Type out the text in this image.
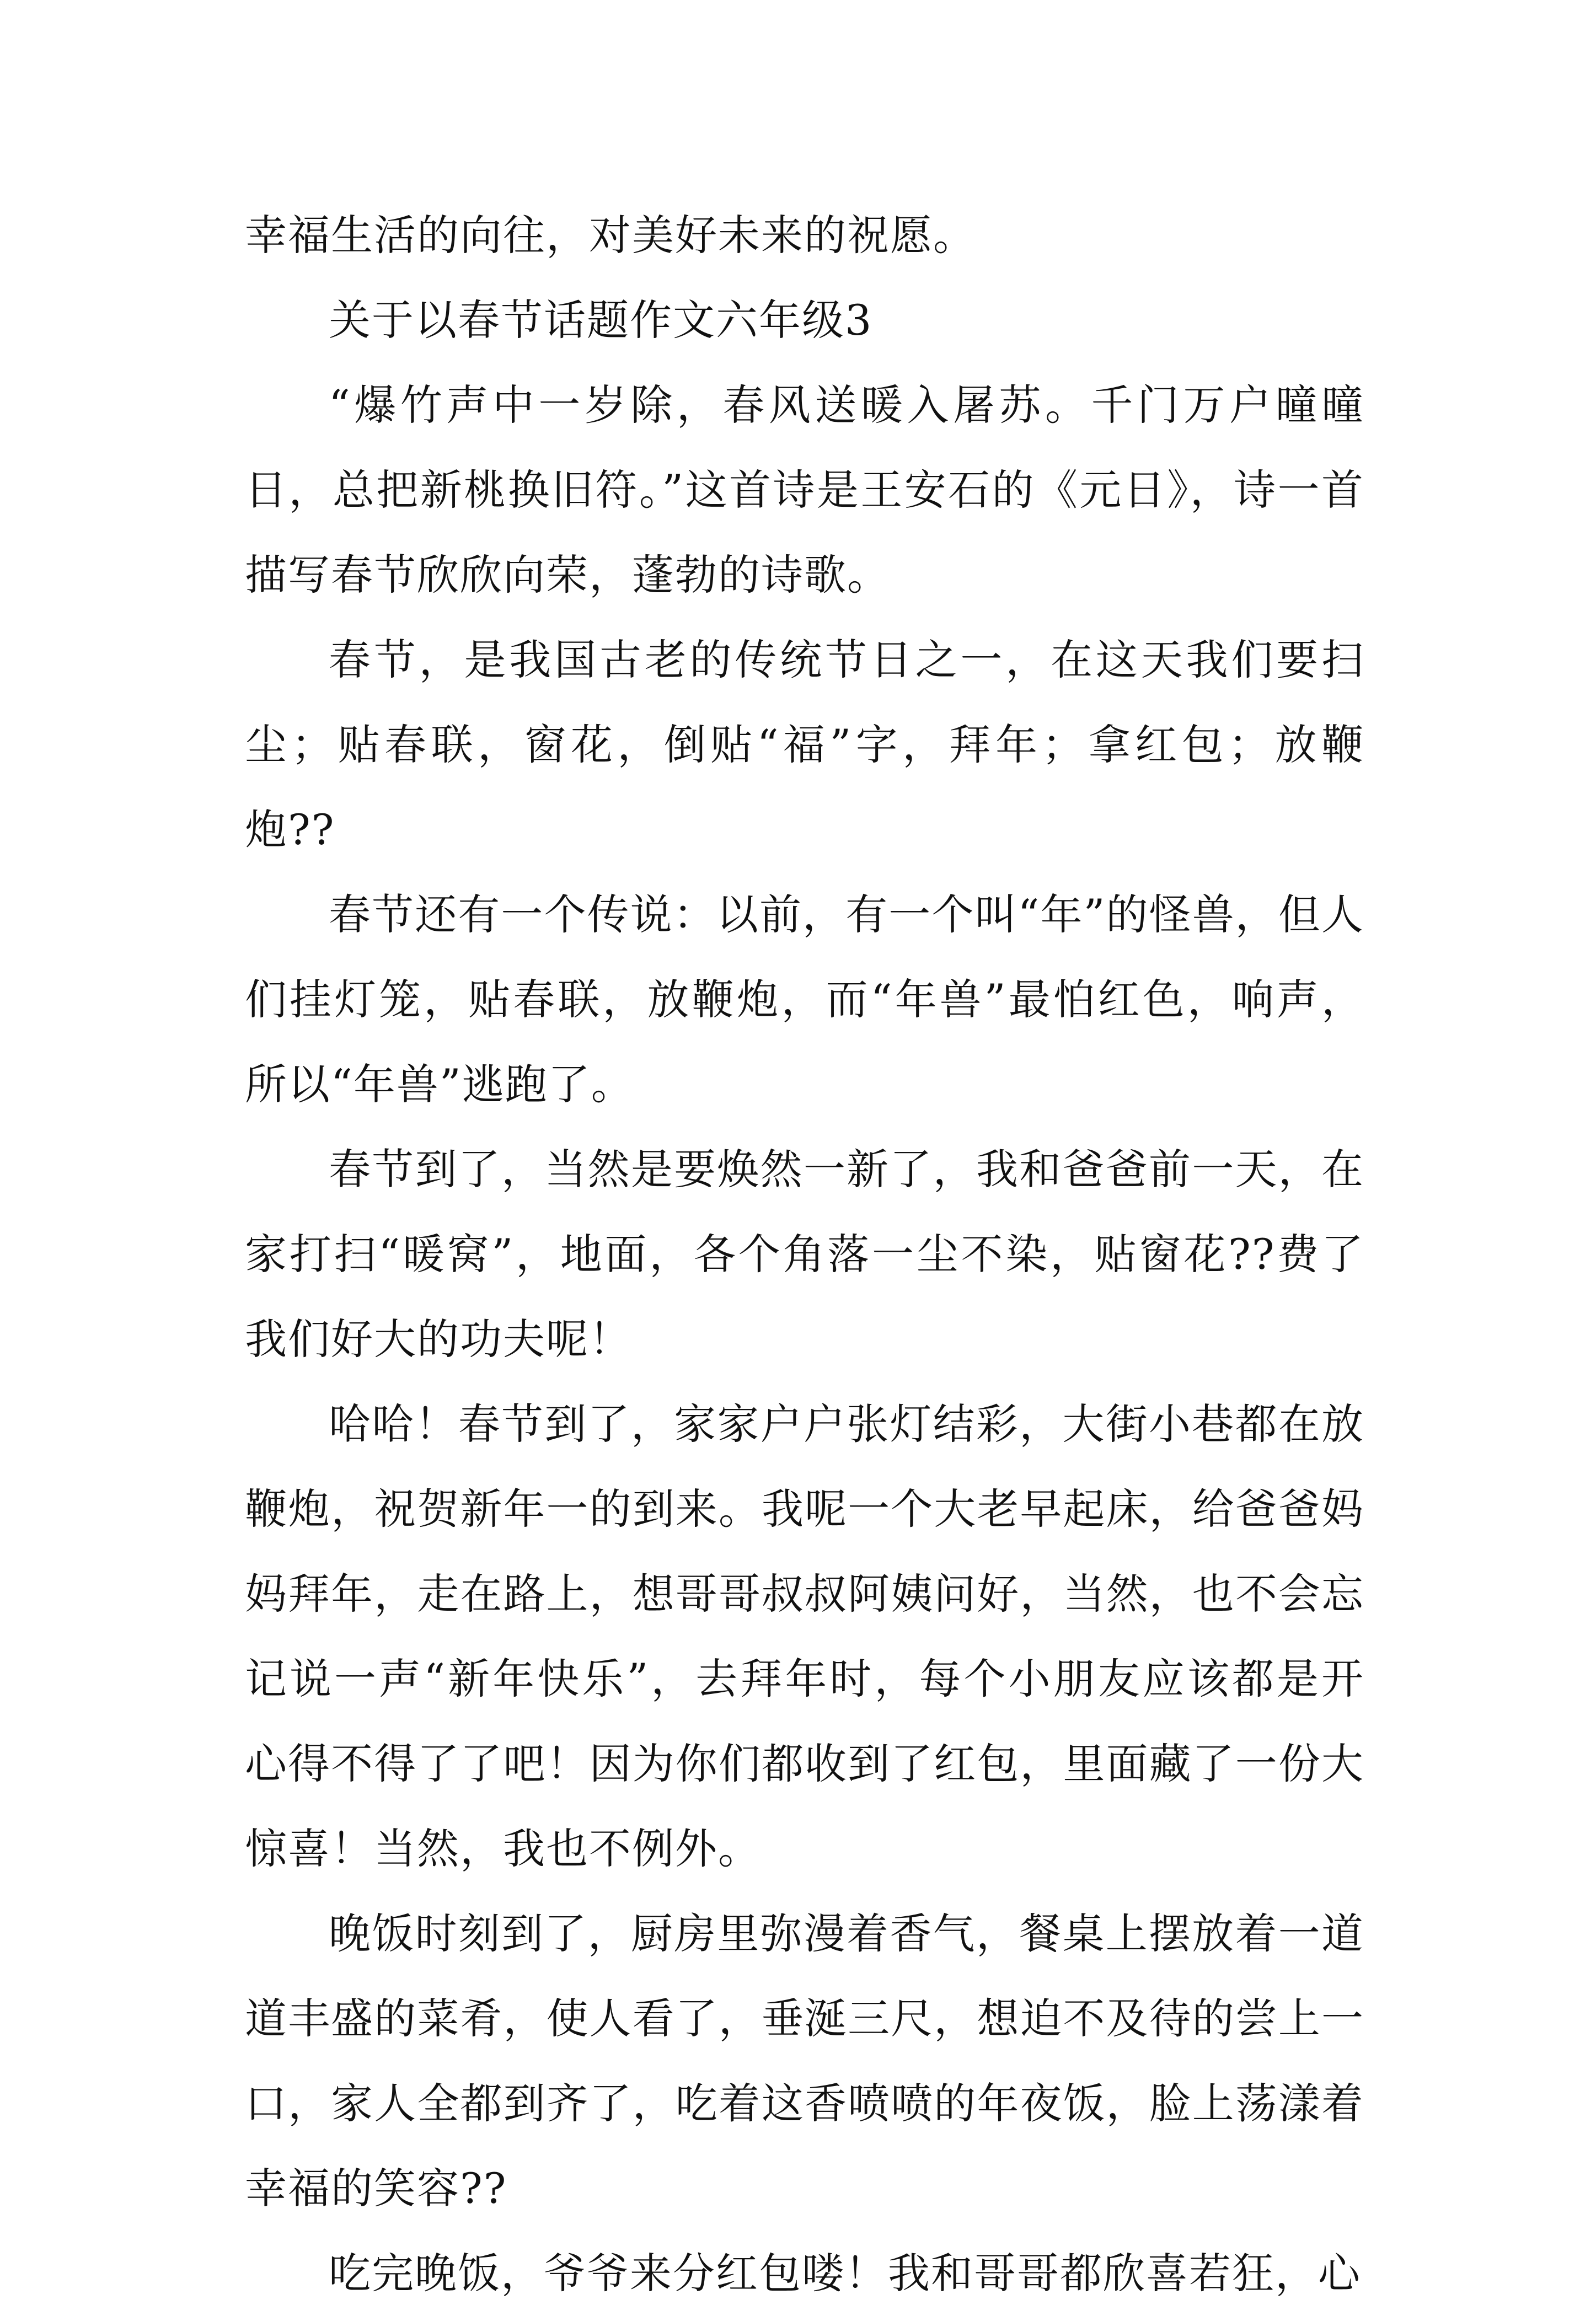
幸福生活的向往，对美好未来的祝愿。

关于以春节话题作文六年级3

“爆竹声中一岁除，春风送暖入屠苏。千门万户曈曈日，总把新桃换旧符。”这首诗是王安石的《元日》，诗一首描写春节欣欣向荣，蓬勃的诗歌。

春节，是我国古老的传统节日之一，在这天我们要扫尘；贴春联，窗花，倒贴“福”字，拜年；拿红包；放鞭炮??

春节还有一个传说：以前，有一个叫“年”的怪兽，但人们挂灯笼，贴春联，放鞭炮，而“年兽”最怕红色，响声，所以“年兽”逃跑了。

春节到了，当然是要焕然一新了，我和爸爸前一天，在家打扫“暖窝”，地面，各个角落一尘不染，贴窗花??费了我们好大的功夫呢！

哈哈！春节到了，家家户户张灯结彩，大街小巷都在放鞭炮，祝贺新年一的到来。我呢一个大老早起床，给爸爸妈妈拜年，走在路上，想哥哥叔叔阿姨问好，当然，也不会忘记说一声“新年快乐”，去拜年时，每个小朋友应该都是开心得不得了了吧！因为你们都收到了红包，里面藏了一份大惊喜！当然，我也不例外。

晚饭时刻到了，厨房里弥漫着香气，餐桌上摆放着一道道丰盛的菜肴，使人看了，垂涎三尺，想迫不及待的尝上一口，家人全都到齐了，吃着这香喷喷的年夜饭，脸上荡漾着幸福的笑容??

吃完晚饭，爷爷来分红包喽！我和哥哥都欣喜若狂，心
